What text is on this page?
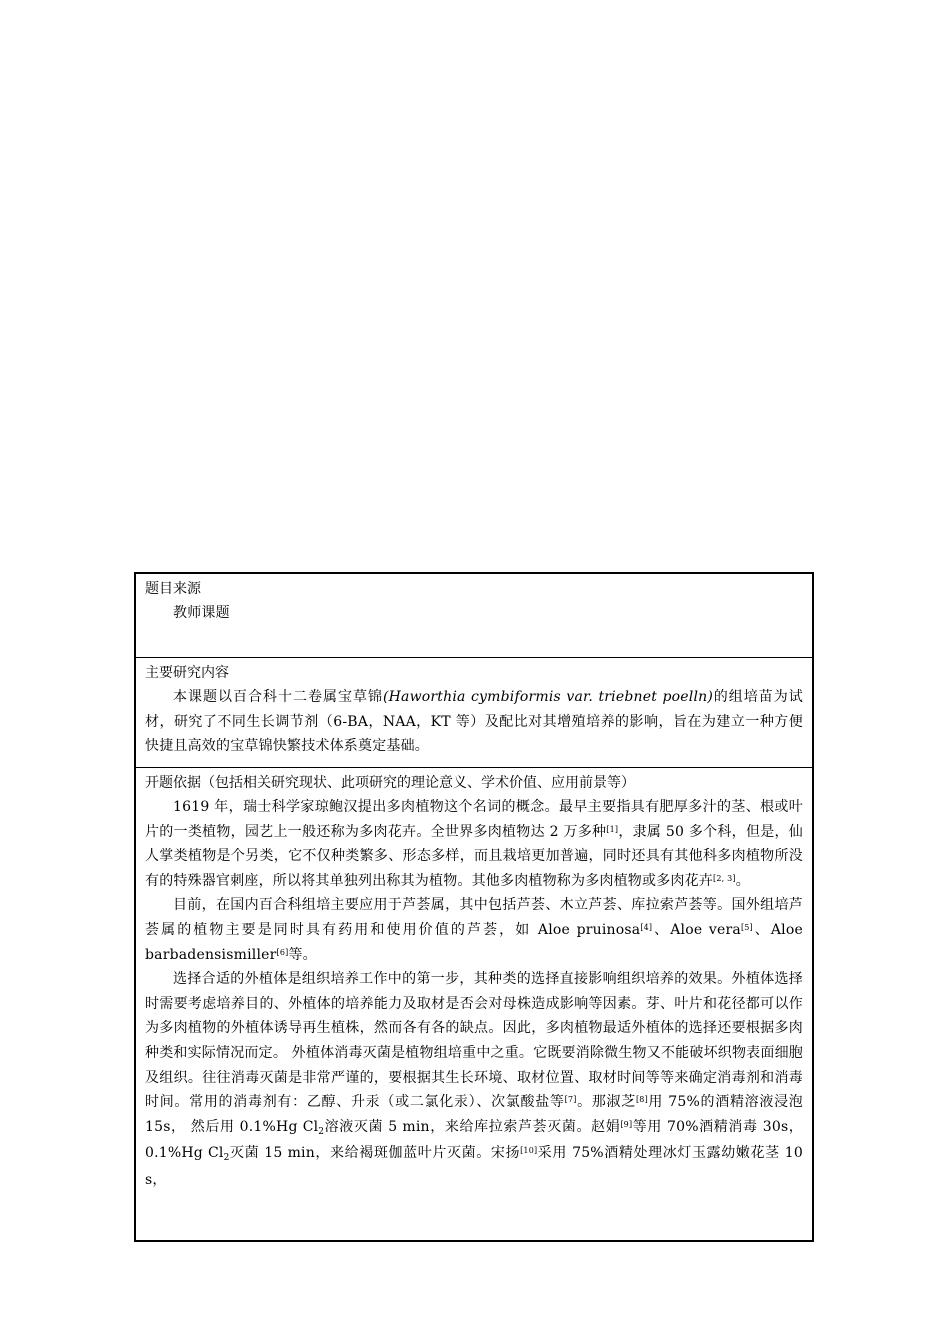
题目来源
教师课题
主要研究内容
本课题以百合科十二卷属宝草锦(Haworthia cymbiformis var. triebnet poelln)的组培苗为试材，研究了不同生长调节剂（6-BA，NAA，KT 等）及配比对其增殖培养的影响，旨在为建立一种方便快捷且高效的宝草锦快繁技术体系奠定基础。
开题依据（包括相关研究现状、此项研究的理论意义、学术价值、应用前景等）
1619 年，瑞士科学家琼鲍汉提出多肉植物这个名词的概念。最早主要指具有肥厚多汁的茎、根或叶片的一类植物，园艺上一般还称为多肉花卉。全世界多肉植物达 2 万多种[1]，隶属 50 多个科，但是，仙人掌类植物是个另类，它不仅种类繁多、形态多样，而且栽培更加普遍，同时还具有其他科多肉植物所没有的特殊器官刺座，所以将其单独列出称其为植物。其他多肉植物称为多肉植物或多肉花卉[2, 3]。
目前，在国内百合科组培主要应用于芦荟属，其中包括芦荟、木立芦荟、库拉索芦荟等。国外组培芦荟属的植物主要是同时具有药用和使用价值的芦荟，如 Aloe pruinosa[4]、Aloe vera[5]、Aloe barbadensismiller[6]等。
选择合适的外植体是组织培养工作中的第一步，其种类的选择直接影响组织培养的效果。外植体选择时需要考虑培养目的、外植体的培养能力及取材是否会对母株造成影响等因素。芽、叶片和花径都可以作为多肉植物的外植体诱导再生植株，然而各有各的缺点。因此，多肉植物最适外植体的选择还要根据多肉种类和实际情况而定。 外植体消毒灭菌是植物组培重中之重。它既要消除微生物又不能破坏织物表面细胞及组织。往往消毒灭菌是非常严谨的，要根据其生长环境、取材位置、取材时间等等来确定消毒剂和消毒时间。常用的消毒剂有：乙醇、升汞（或二氯化汞）、次氯酸盐等[7]。那淑芝[8]用 75%的酒精溶液浸泡 15s， 然后用 0.1%Hg $Cl_2$溶液灭菌 5 min，来给库拉索芦荟灭菌。赵娟[9]等用 70%酒精消毒 30s， 0.1%Hg $Cl_2$灭菌 15 min，来给褐斑伽蓝叶片灭菌。宋扬[10]采用 75%酒精处理冰灯玉露幼嫩花茎 10 s，
